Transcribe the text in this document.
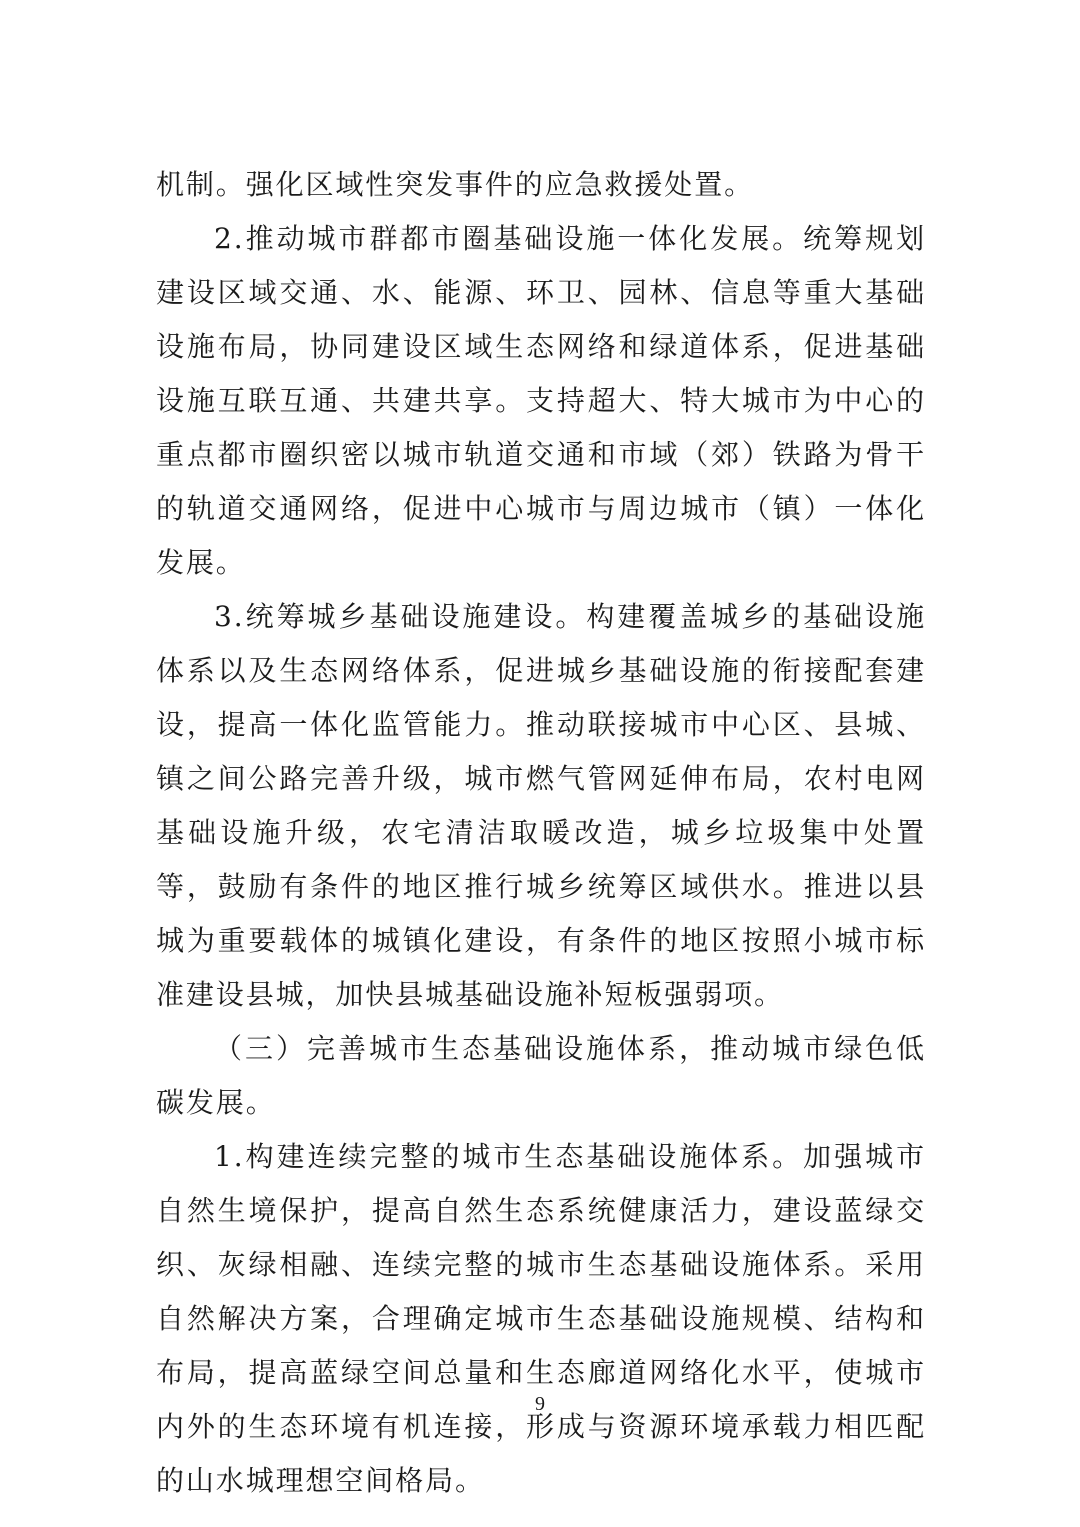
机制。强化区域性突发事件的应急救援处置。

2.推动城市群都市圈基础设施一体化发展。统筹规划建设区域交通、水、能源、环卫、园林、信息等重大基础设施布局，协同建设区域生态网络和绿道体系，促进基础设施互联互通、共建共享。支持超大、特大城市为中心的重点都市圈织密以城市轨道交通和市域（郊）铁路为骨干的轨道交通网络，促进中心城市与周边城市（镇）一体化发展。

3.统筹城乡基础设施建设。构建覆盖城乡的基础设施体系以及生态网络体系，促进城乡基础设施的衔接配套建设，提高一体化监管能力。推动联接城市中心区、县城、镇之间公路完善升级，城市燃气管网延伸布局，农村电网基础设施升级，农宅清洁取暖改造，城乡垃圾集中处置等，鼓励有条件的地区推行城乡统筹区域供水。推进以县城为重要载体的城镇化建设，有条件的地区按照小城市标准建设县城，加快县城基础设施补短板强弱项。

（三）完善城市生态基础设施体系，推动城市绿色低碳发展。

1.构建连续完整的城市生态基础设施体系。加强城市自然生境保护，提高自然生态系统健康活力，建设蓝绿交织、灰绿相融、连续完整的城市生态基础设施体系。采用自然解决方案，合理确定城市生态基础设施规模、结构和布局，提高蓝绿空间总量和生态廊道网络化水平，使城市内外的生态环境有机连接，形成与资源环境承载力相匹配的山水城理想空间格局。

9
